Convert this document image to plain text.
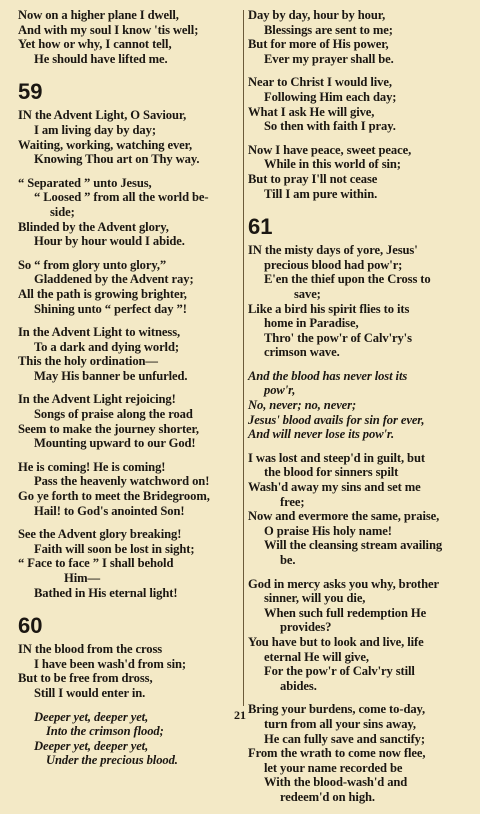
Now on a higher plane I dwell,
And with my soul I know 'tis well;
Yet how or why, I cannot tell,
He should have lifted me.
59
IN the Advent Light, O Saviour,
I am living day by day;
Waiting, working, watching ever,
Knowing Thou art on Thy way.
“ Separated ” unto Jesus,
“ Loosed ” from all the world be-
side;
Blinded by the Advent glory,
Hour by hour would I abide.
So “ from glory unto glory,”
Gladdened by the Advent ray;
All the path is growing brighter,
Shining unto “ perfect day ”!
In the Advent Light to witness,
To a dark and dying world;
This the holy ordination—
May His banner be unfurled.
In the Advent Light rejoicing!
Songs of praise along the road
Seem to make the journey shorter,
Mounting upward to our God!
He is coming! He is coming!
Pass the heavenly watchword on!
Go ye forth to meet the Bridegroom,
Hail! to God's anointed Son!
See the Advent glory breaking!
Faith will soon be lost in sight;
“ Face to face ” I shall behold
Him—
Bathed in His eternal light!
60
IN the blood from the cross
I have been wash'd from sin;
But to be free from dross,
Still I would enter in.
Deeper yet, deeper yet,
Into the crimson flood;
Deeper yet, deeper yet,
Under the precious blood.
Day by day, hour by hour,
Blessings are sent to me;
But for more of His power,
Ever my prayer shall be.
Near to Christ I would live,
Following Him each day;
What I ask He will give,
So then with faith I pray.
Now I have peace, sweet peace,
While in this world of sin;
But to pray I'll not cease
Till I am pure within.
61
IN the misty days of yore, Jesus'
precious blood had pow'r;
E'en the thief upon the Cross to
save;
Like a bird his spirit flies to its
home in Paradise,
Thro' the pow'r of Calv'ry's
crimson wave.
And the blood has never lost its
pow'r,
No, never; no, never;
Jesus' blood avails for sin for ever,
And will never lose its pow'r.
I was lost and steep'd in guilt, but
the blood for sinners spilt
Wash'd away my sins and set me
free;
Now and evermore the same, praise,
O praise His holy name!
Will the cleansing stream availing
be.
God in mercy asks you why, brother
sinner, will you die,
When such full redemption He
provides?
You have but to look and live, life
eternal He will give,
For the pow'r of Calv'ry still
abides.
Bring your burdens, come to-day,
turn from all your sins away,
He can fully save and sanctify;
From the wrath to come now flee,
let your name recorded be
With the blood-wash'd and
redeem'd on high.
21
